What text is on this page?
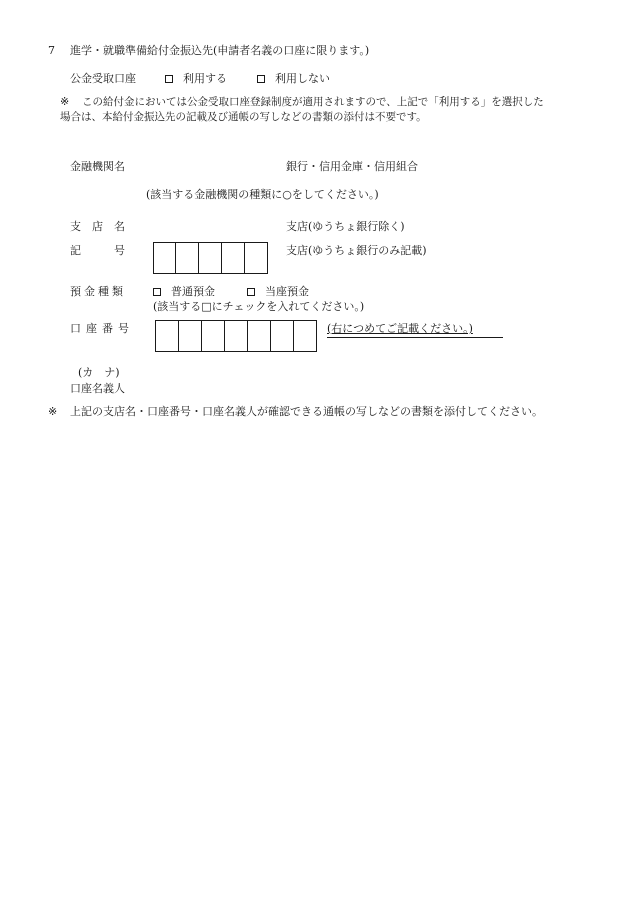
7 進学・就職準備給付金振込先(申請者名義の口座に限ります。)
公金受取口座	利用する	利用しない
※ この給付金においては公金受取口座登録制度が適用されますので、上記で「利用する」を選択した
場合は、本給付金振込先の記載及び通帳の写しなどの書類の添付は不要です。
金融機関名	銀行・信用金庫・信用組合
(該当する金融機関の種類に○をしてください。)
支　店　名	支店(ゆうちょ銀行除く)
記　　　号	支店(ゆうちょ銀行のみ記載)
預金種類	普通預金	当座預金
(該当する□にチェックを入れてください。)
口座番号	(右につめてご記載ください。)
(カ　ナ)
口座名義人
※ 上記の支店名・口座番号・口座名義人が確認できる通帳の写しなどの書類を添付してください。
